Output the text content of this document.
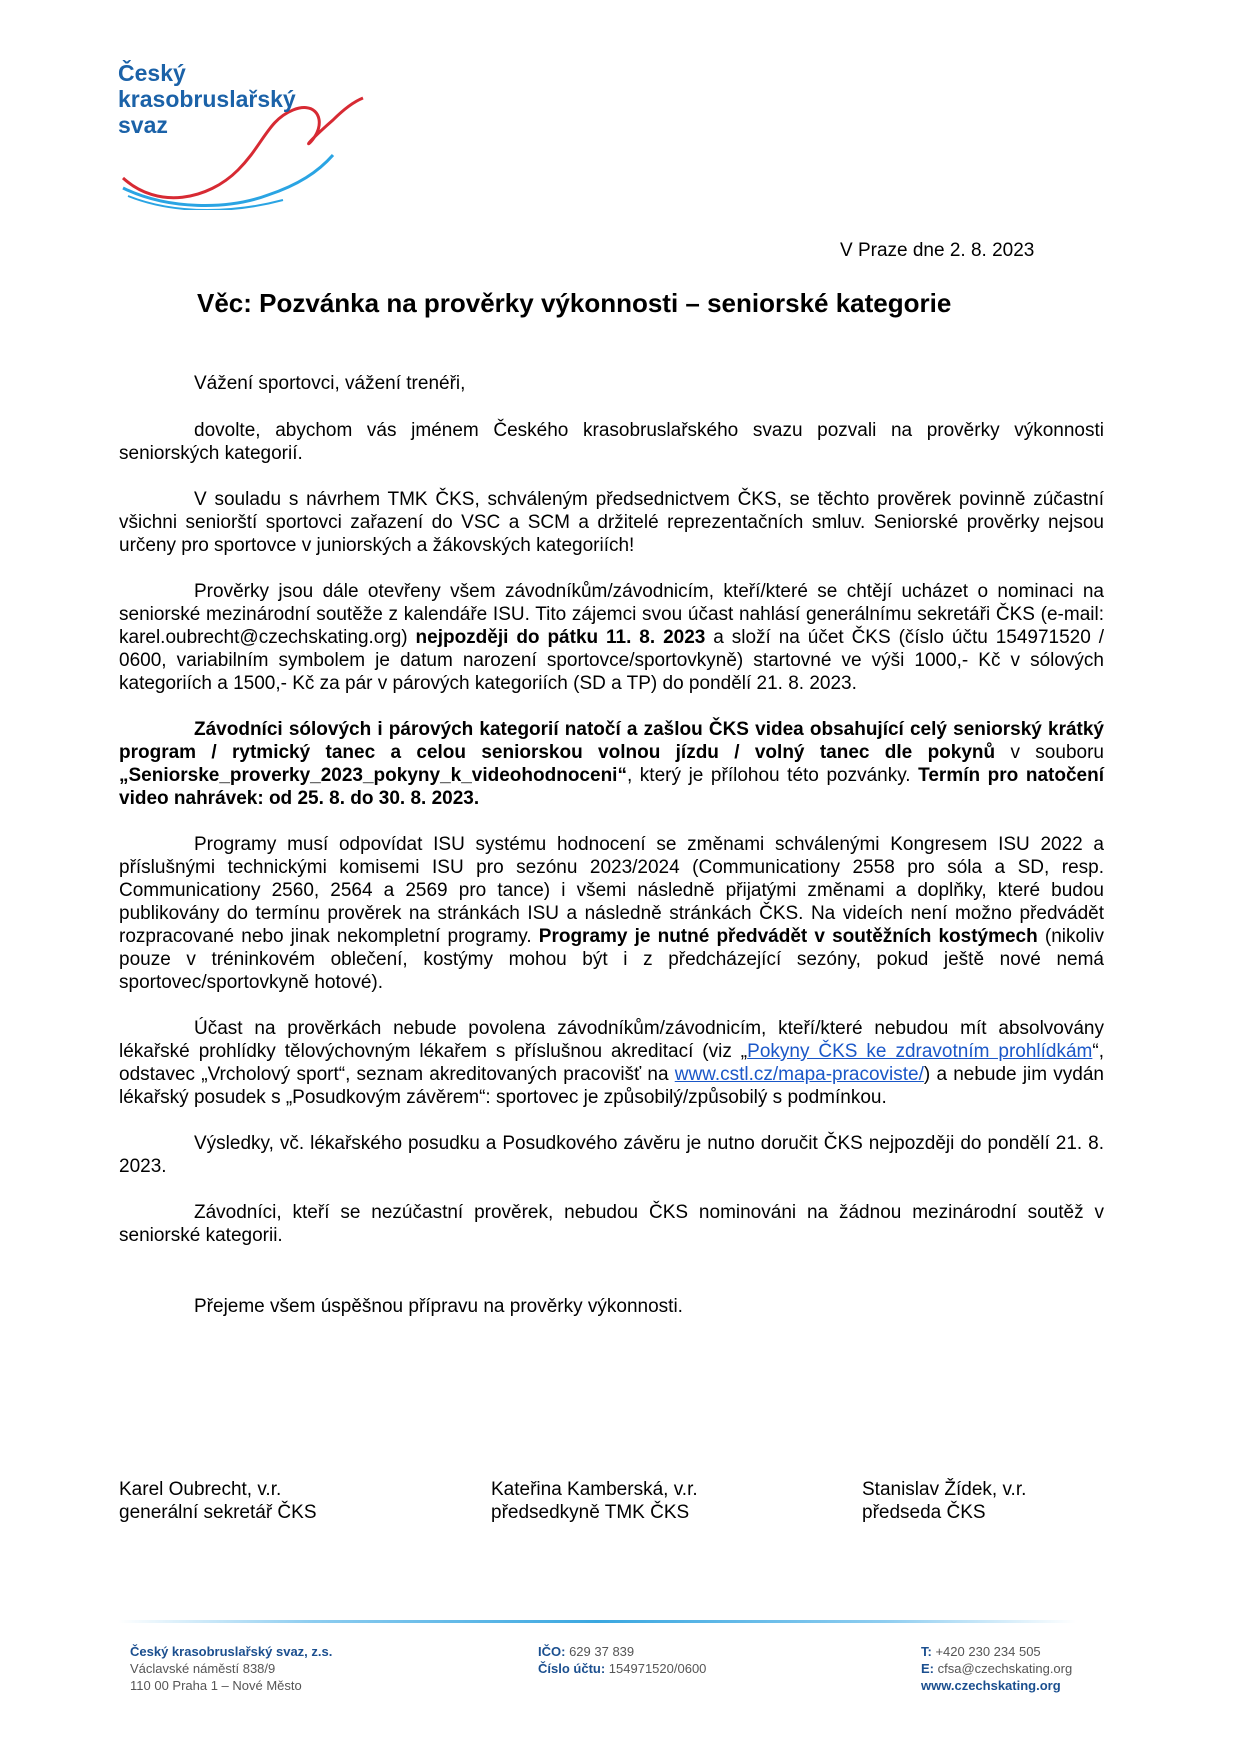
Český
krasobruslařský
svaz
V Praze dne 2. 8. 2023
Věc: Pozvánka na prověrky výkonnosti – seniorské kategorie

Vážení sportovci, vážení trenéři,

dovolte, abychom vás jménem Českého krasobruslařského svazu pozvali na prověrky výkonnosti seniorských kategorií.

V souladu s návrhem TMK ČKS, schváleným předsednictvem ČKS, se těchto prověrek povinně zúčastní všichni seniorští sportovci zařazení do VSC a SCM a držitelé reprezentačních smluv. Seniorské prověrky nejsou určeny pro sportovce v juniorských a žákovských kategoriích!

Prověrky jsou dále otevřeny všem závodníkům/závodnicím, kteří/které se chtějí ucházet o nominaci na seniorské mezinárodní soutěže z kalendáře ISU. Tito zájemci svou účast nahlásí generálnímu sekretáři ČKS (e-mail: karel.oubrecht@czechskating.org) nejpozději do pátku 11. 8. 2023 a složí na účet ČKS (číslo účtu 154971520 / 0600, variabilním symbolem je datum narození sportovce/sportovkyně) startovné ve výši 1000,- Kč v sólových kategoriích a 1500,- Kč za pár v párových kategoriích (SD a TP) do pondělí 21. 8. 2023.

Závodníci sólových i párových kategorií natočí a zašlou ČKS videa obsahující celý seniorský krátký program / rytmický tanec a celou seniorskou volnou jízdu / volný tanec dle pokynů v souboru „Seniorske_proverky_2023_pokyny_k_videohodnoceni“, který je přílohou této pozvánky. Termín pro natočení video nahrávek: od 25. 8. do 30. 8. 2023.

Programy musí odpovídat ISU systému hodnocení se změnami schválenými Kongresem ISU 2022 a příslušnými technickými komisemi ISU pro sezónu 2023/2024 (Communicationy 2558 pro sóla a SD, resp. Communicationy 2560, 2564 a 2569 pro tance) i všemi následně přijatými změnami a doplňky, které budou publikovány do termínu prověrek na stránkách ISU a následně stránkách ČKS. Na videích není možno předvádět rozpracované nebo jinak nekompletní programy. Programy je nutné předvádět v soutěžních kostýmech (nikoliv pouze v tréninkovém oblečení, kostýmy mohou být i z předcházející sezóny, pokud ještě nové nemá sportovec/sportovkyně hotové).

Účast na prověrkách nebude povolena závodníkům/závodnicím, kteří/které nebudou mít absolvovány lékařské prohlídky tělovýchovným lékařem s příslušnou akreditací (viz „Pokyny ČKS ke zdravotním prohlídkám“, odstavec „Vrcholový sport“, seznam akreditovaných pracovišť na www.cstl.cz/mapa-pracoviste/) a nebude jim vydán lékařský posudek s „Posudkovým závěrem“: sportovec je způsobilý/způsobilý s podmínkou.

Výsledky, vč. lékařského posudku a Posudkového závěru je nutno doručit ČKS nejpozději do pondělí 21. 8. 2023.

Závodníci, kteří se nezúčastní prověrek, nebudou ČKS nominováni na žádnou mezinárodní soutěž v seniorské kategorii.

Přejeme všem úspěšnou přípravu na prověrky výkonnosti.

Karel Oubrecht, v.r.
generální sekretář ČKS
Kateřina Kamberská, v.r.
předsedkyně TMK ČKS
Stanislav Žídek, v.r.
předseda ČKS
Český krasobruslařský svaz, z.s.
Václavské náměstí 838/9
110 00 Praha 1 – Nové Město
IČO: 629 37 839
Číslo účtu: 154971520/0600
T: +420 230 234 505
E: cfsa@czechskating.org
www.czechskating.org
